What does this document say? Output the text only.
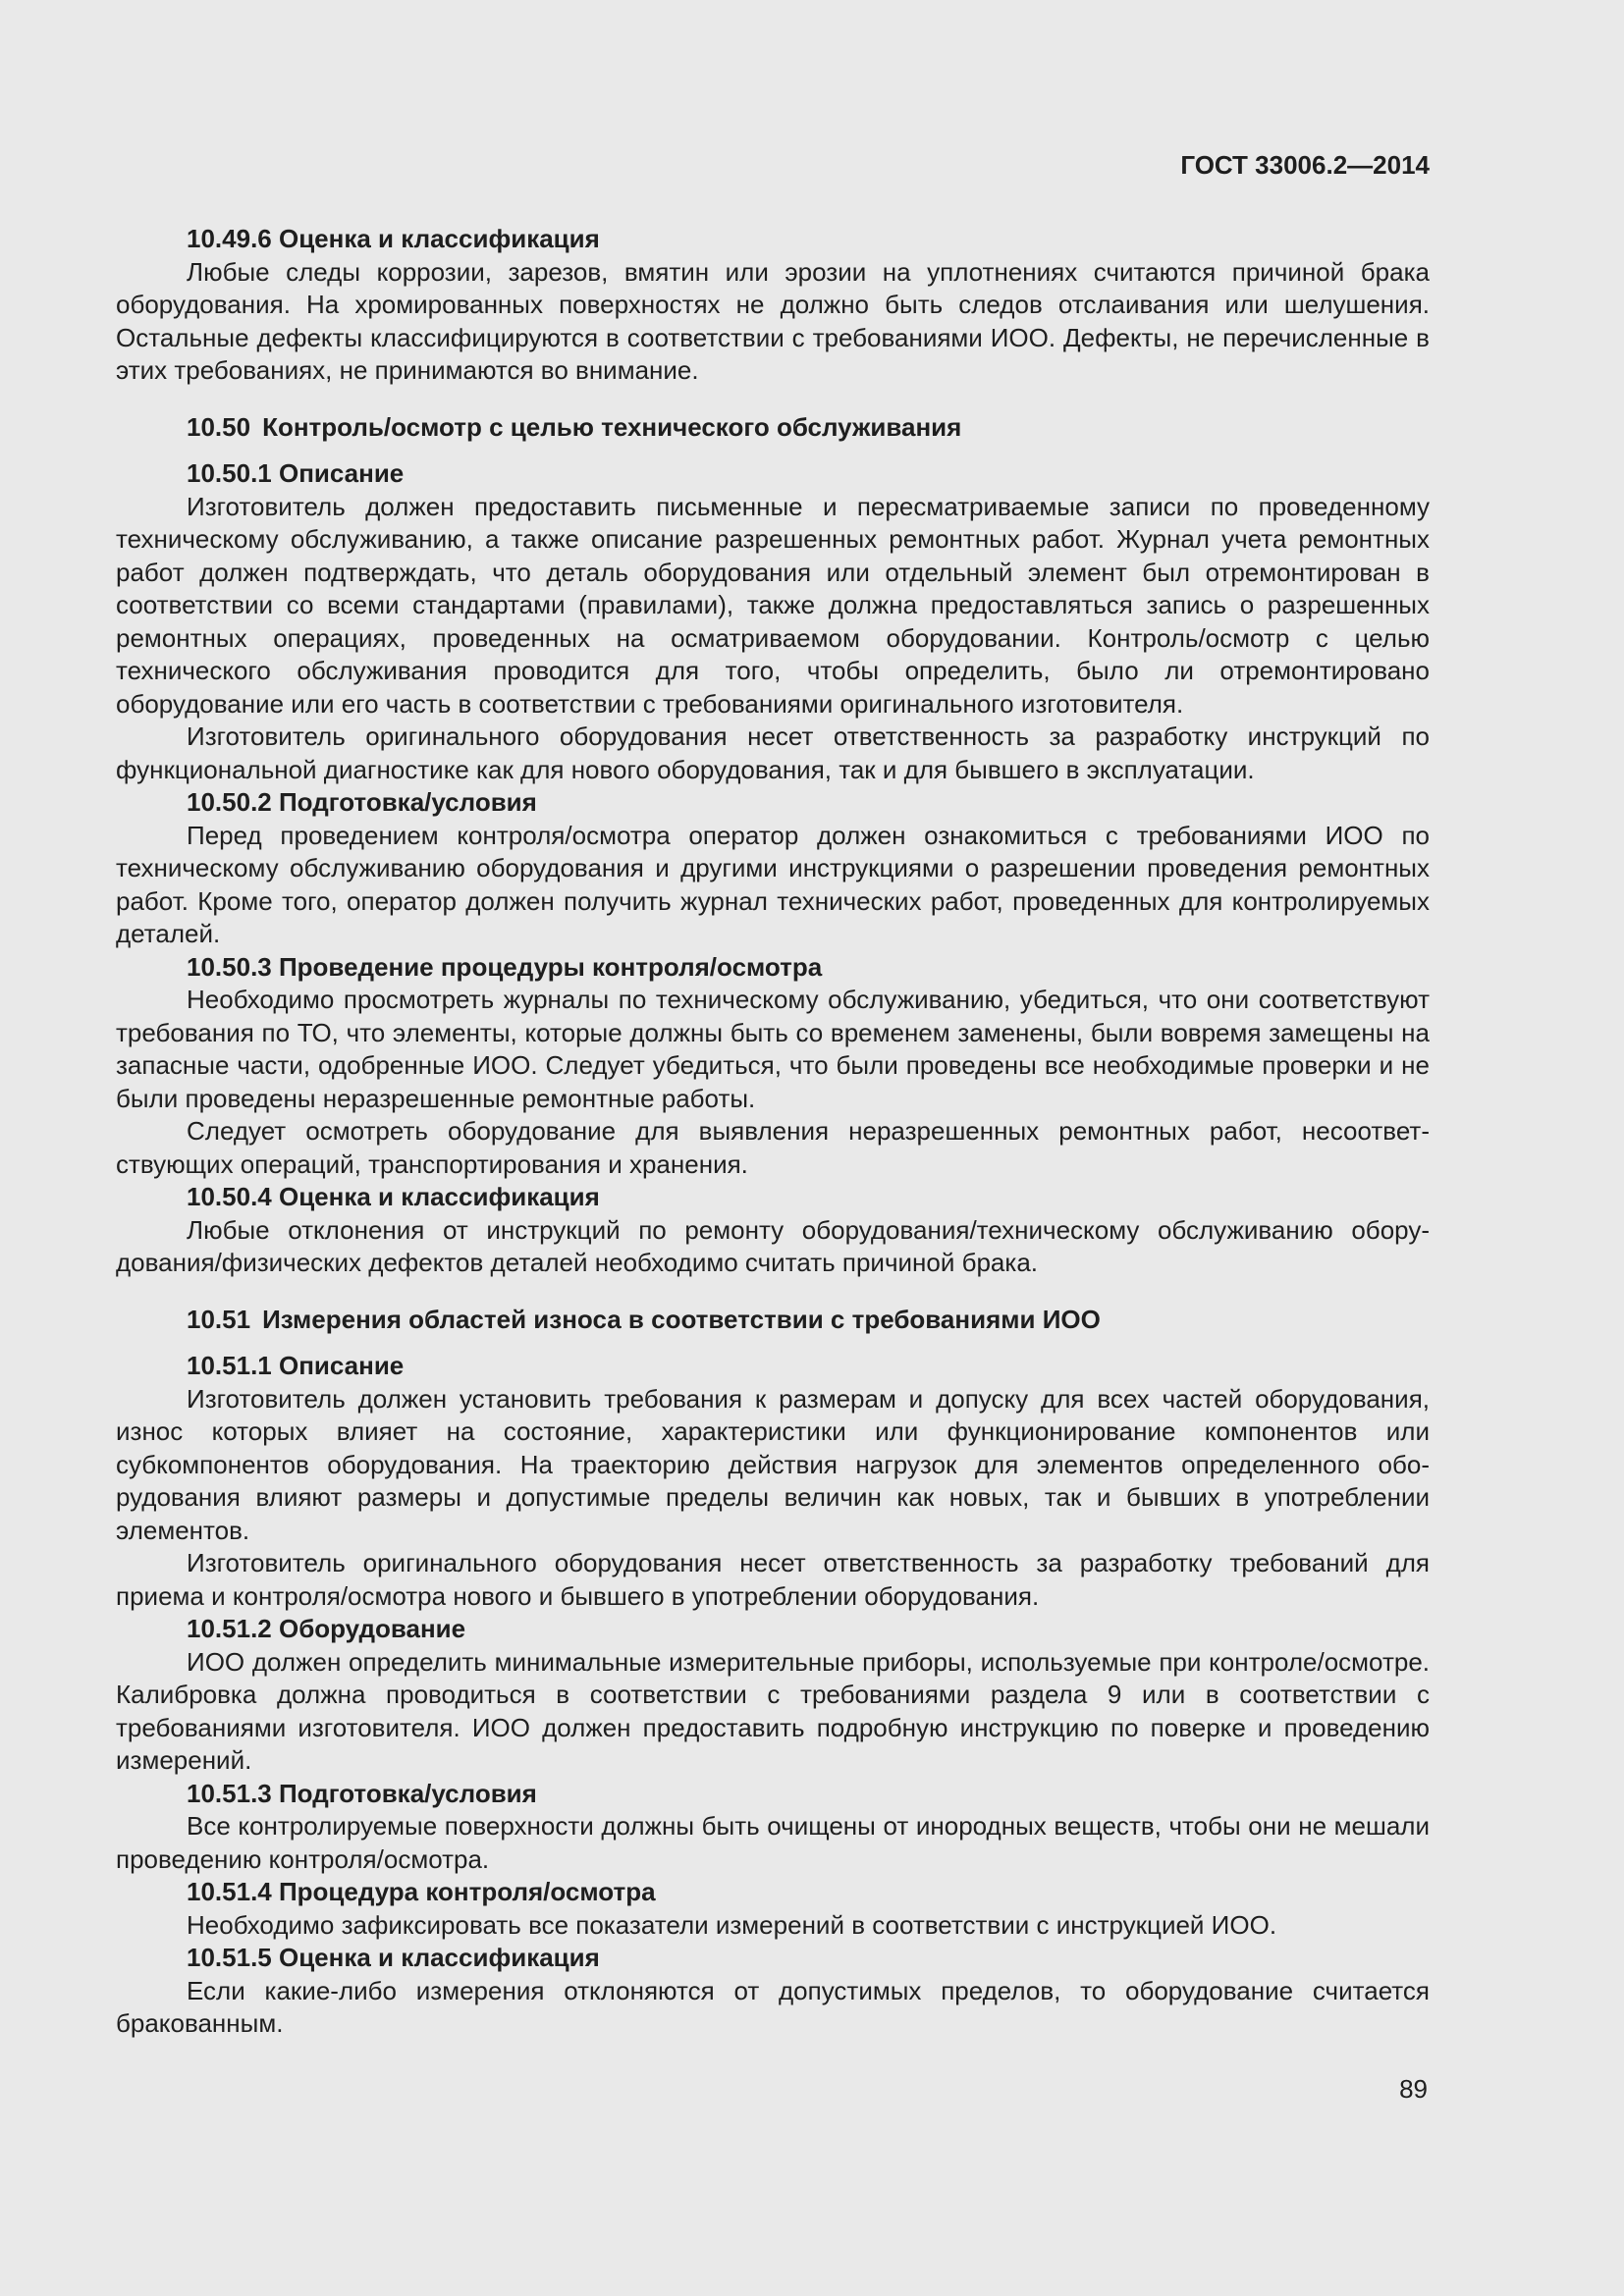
ГОСТ 33006.2—2014

10.49.6 Оценка и классификация

Любые следы коррозии, зарезов, вмятин или эрозии на уплотнениях считаются причиной брака оборудования. На хромированных поверхностях не должно быть следов отслаивания или шелушения. Остальные дефекты классифицируются в соответствии с требованиями ИОО. Дефекты, не перечисленные в этих требованиях, не принимаются во внимание.

10.50 Контроль/осмотр с целью технического обслуживания
10.50.1 Описание

Изготовитель должен предоставить письменные и пересматриваемые записи по проведенному техническому обслуживанию, а также описание разрешенных ремонтных работ. Журнал учета ремонтных работ должен подтверждать, что деталь оборудования или отдельный элемент был отремонтирован в соответствии со всеми стандартами (правилами), также должна предоставляться запись о разрешенных ремонтных операциях, проведенных на осматриваемом оборудовании. Контроль/осмотр с целью технического обслуживания проводится для того, чтобы определить, было ли отремонтировано оборудование или его часть в соответствии с требованиями оригинального изготовителя.

Изготовитель оригинального оборудования несет ответственность за разработку инструкций по функциональной диагностике как для нового оборудования, так и для бывшего в эксплуатации.

10.50.2 Подготовка/условия

Перед проведением контроля/осмотра оператор должен ознакомиться с требованиями ИОО по техническому обслуживанию оборудования и другими инструкциями о разрешении проведения ремонтных работ. Кроме того, оператор должен получить журнал технических работ, проведенных для контролируемых деталей.

10.50.3 Проведение процедуры контроля/осмотра

Необходимо просмотреть журналы по техническому обслуживанию, убедиться, что они соответствуют требования по ТО, что элементы, которые должны быть со временем заменены, были вовремя замещены на запасные части, одобренные ИОО. Следует убедиться, что были проведены все необходимые проверки и не были проведены неразрешенные ремонтные работы.

Следует осмотреть оборудование для выявления неразрешенных ремонтных работ, несоответствующих операций, транспортирования и хранения.

10.50.4 Оценка и классификация

Любые отклонения от инструкций по ремонту оборудования/техническому обслуживанию оборудования/физических дефектов деталей необходимо считать причиной брака.

10.51 Измерения областей износа в соответствии с требованиями ИОО
10.51.1 Описание

Изготовитель должен установить требования к размерам и допуску для всех частей оборудования, износ которых влияет на состояние, характеристики или функционирование компонентов или субкомпонентов оборудования. На траекторию действия нагрузок для элементов определенного оборудования влияют размеры и допустимые пределы величин как новых, так и бывших в употреблении элементов.

Изготовитель оригинального оборудования несет ответственность за разработку требований для приема и контроля/осмотра нового и бывшего в употреблении оборудования.

10.51.2 Оборудование

ИОО должен определить минимальные измерительные приборы, используемые при контроле/осмотре. Калибровка должна проводиться в соответствии с требованиями раздела 9 или в соответствии с требованиями изготовителя. ИОО должен предоставить подробную инструкцию по поверке и проведению измерений.

10.51.3 Подготовка/условия

Все контролируемые поверхности должны быть очищены от инородных веществ, чтобы они не мешали проведению контроля/осмотра.

10.51.4 Процедура контроля/осмотра

Необходимо зафиксировать все показатели измерений в соответствии с инструкцией ИОО.

10.51.5 Оценка и классификация

Если какие-либо измерения отклоняются от допустимых пределов, то оборудование считается бракованным.

89
